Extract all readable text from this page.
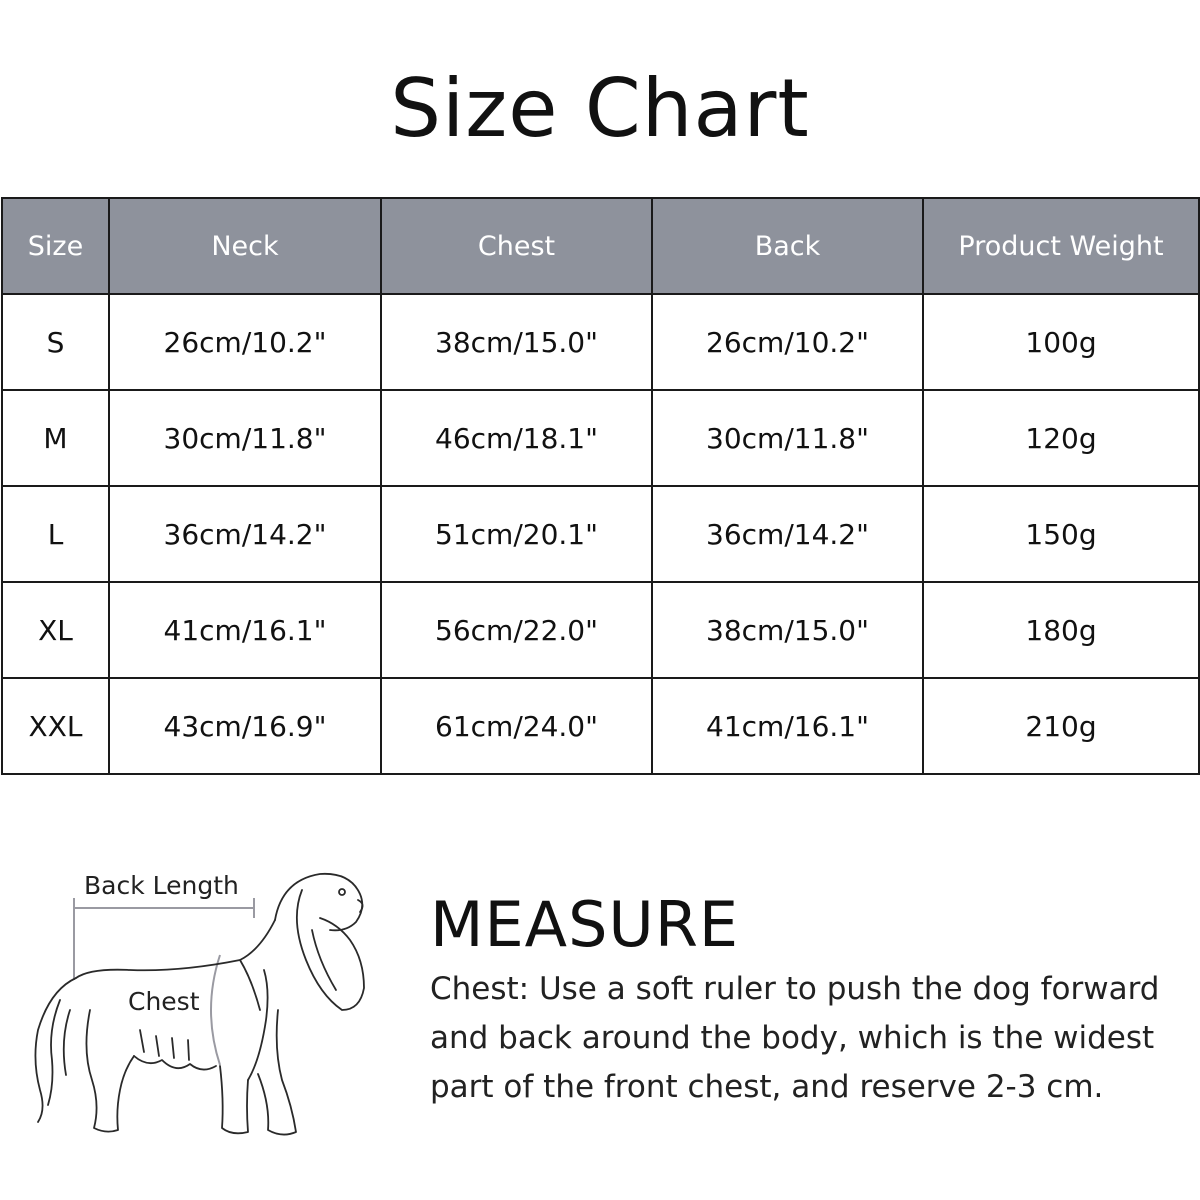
Size Chart
Size	Neck	Chest	Back	Product Weight
S	26cm/10.2"	38cm/15.0"	26cm/10.2"	100g
M	30cm/11.8"	46cm/18.1"	30cm/11.8"	120g
L	36cm/14.2"	51cm/20.1"	36cm/14.2"	150g
XL	41cm/16.1"	56cm/22.0"	38cm/15.0"	180g
XXL	43cm/16.9"	61cm/24.0"	41cm/16.1"	210g
Back Length
Chest
MEASURE
Chest: Use a soft ruler to push the dog forward and back around the body, which is the widest part of the front chest, and reserve 2-3 cm.
